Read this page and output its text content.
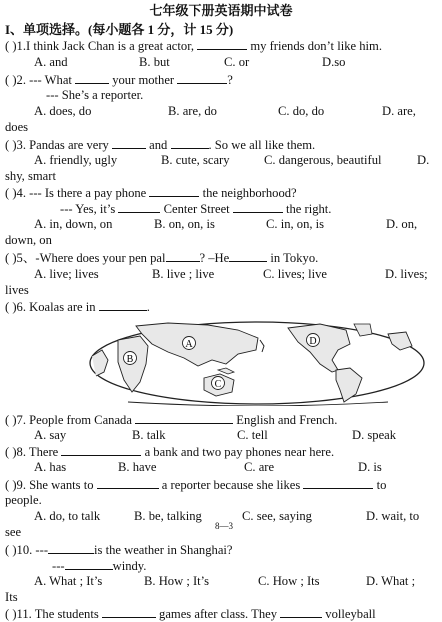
七年级下册英语期中试卷
I、单项选择。(每小题各 1 分，计 15 分)
( )1.I think Jack Chan is a great actor,	my friends don’t like him.
A. and	B. but	C. or	D.so
( )2. --- What	your mother	?
--- She’s a reporter.
A. does, do	B. are, do	C. do, do	D. are,
does
( )3. Pandas are very	and	. So we all like them.
A. friendly, ugly	B. cute, scary	C. dangerous, beautiful	D.
shy, smart
( )4. --- Is there a pay phone	the neighborhood?
--- Yes, it’s	Center Street	the right.
A. in, down, on	B. on, on, is	C. in, on, is	D. on,
down, on
( )5、-Where does your pen pal	? –He	in Tokyo.
A. live; lives	B. live ; live	C. lives; live	D. lives;
lives
( )6. Koalas are in	.
A
B
C
D
( )7. People from Canada	English and French.
A. say	B. talk	C. tell	D. speak
( )8. There	a bank and two pay phones near here.
A. has	B. have	C. are	D. is
( )9. She wants to	a reporter because she likes	to
people.
A. do, to talk	B. be, talking	C. see, saying	D. wait, to
8—3
see
( )10. ---	is the weather in Shanghai?
---	windy.
A. What ; It’s	B. How ; It’s	C. How ; Its	D. What ;
Its
( )11. The students	games after class. They	volleyball
